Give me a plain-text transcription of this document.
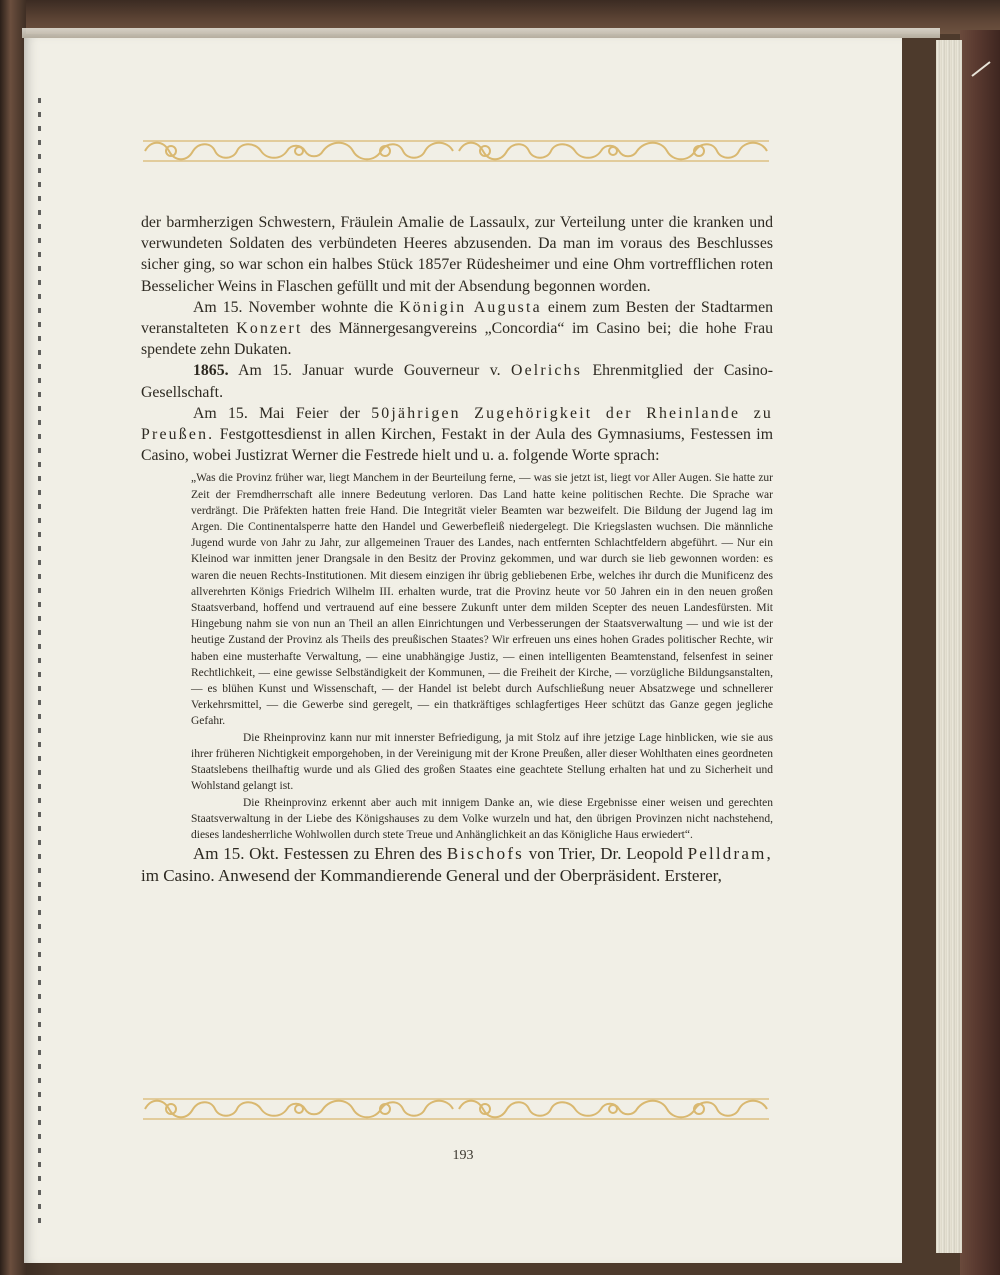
der barmherzigen Schwestern, Fräulein Amalie de Lassaulx, zur Verteilung unter die kranken und verwundeten Soldaten des verbündeten Heeres abzusenden. Da man im voraus des Beschlusses sicher ging, so war schon ein halbes Stück 1857er Rüdesheimer und eine Ohm vortrefflichen roten Besselicher Weins in Flaschen gefüllt und mit der Absendung begonnen worden.

Am 15. November wohnte die Königin Augusta einem zum Besten der Stadtarmen veranstalteten Konzert des Männergesangvereins „Concordia“ im Casino bei; die hohe Frau spendete zehn Dukaten.

1865. Am 15. Januar wurde Gouverneur v. Oelrichs Ehrenmitglied der Casino-Gesellschaft.

Am 15. Mai Feier der 50jährigen Zugehörigkeit der Rheinlande zu Preußen. Festgottesdienst in allen Kirchen, Festakt in der Aula des Gymnasiums, Festessen im Casino, wobei Justizrat Werner die Festrede hielt und u. a. folgende Worte sprach:

„Was die Provinz früher war, liegt Manchem in der Beurteilung ferne, — was sie jetzt ist, liegt vor Aller Augen. Sie hatte zur Zeit der Fremdherrschaft alle innere Bedeutung verloren. Das Land hatte keine politischen Rechte. Die Sprache war verdrängt. Die Präfekten hatten freie Hand. Die Integrität vieler Beamten war bezweifelt. Die Bildung der Jugend lag im Argen. Die Continentalsperre hatte den Handel und Gewerbefleiß niedergelegt. Die Kriegslasten wuchsen. Die männliche Jugend wurde von Jahr zu Jahr, zur allgemeinen Trauer des Landes, nach entfernten Schlachtfeldern abgeführt. — Nur ein Kleinod war inmitten jener Drangsale in den Besitz der Provinz gekommen, und war durch sie lieb gewonnen worden: es waren die neuen Rechts-Institutionen. Mit diesem einzigen ihr übrig gebliebenen Erbe, welches ihr durch die Munificenz des allverehrten Königs Friedrich Wilhelm III. erhalten wurde, trat die Provinz heute vor 50 Jahren ein in den neuen großen Staatsverband, hoffend und vertrauend auf eine bessere Zukunft unter dem milden Scepter des neuen Landesfürsten. Mit Hingebung nahm sie von nun an Theil an allen Einrichtungen und Verbesserungen der Staatsverwaltung — und wie ist der heutige Zustand der Provinz als Theils des preußischen Staates? Wir erfreuen uns eines hohen Grades politischer Rechte, wir haben eine musterhafte Verwaltung, — eine unabhängige Justiz, — einen intelligenten Beamtenstand, felsenfest in seiner Rechtlichkeit, — eine gewisse Selbständigkeit der Kommunen, — die Freiheit der Kirche, — vorzügliche Bildungsanstalten, — es blühen Kunst und Wissenschaft, — der Handel ist belebt durch Aufschließung neuer Absatzwege und schnellerer Verkehrsmittel, — die Gewerbe sind geregelt, — ein thatkräftiges schlagfertiges Heer schützt das Ganze gegen jegliche Gefahr.

Die Rheinprovinz kann nur mit innerster Befriedigung, ja mit Stolz auf ihre jetzige Lage hinblicken, wie sie aus ihrer früheren Nichtigkeit emporgehoben, in der Vereinigung mit der Krone Preußen, aller dieser Wohlthaten eines geordneten Staatslebens theilhaftig wurde und als Glied des großen Staates eine geachtete Stellung erhalten hat und zu Sicherheit und Wohlstand gelangt ist.

Die Rheinprovinz erkennt aber auch mit innigem Danke an, wie diese Ergebnisse einer weisen und gerechten Staatsverwaltung in der Liebe des Königshauses zu dem Volke wurzeln und hat, den übrigen Provinzen nicht nachstehend, dieses landesherrliche Wohlwollen durch stete Treue und Anhänglichkeit an das Königliche Haus erwiedert“.

Am 15. Okt. Festessen zu Ehren des Bischofs von Trier, Dr. Leopold Pelldram, im Casino. Anwesend der Kommandierende General und der Oberpräsident. Ersterer,

193
